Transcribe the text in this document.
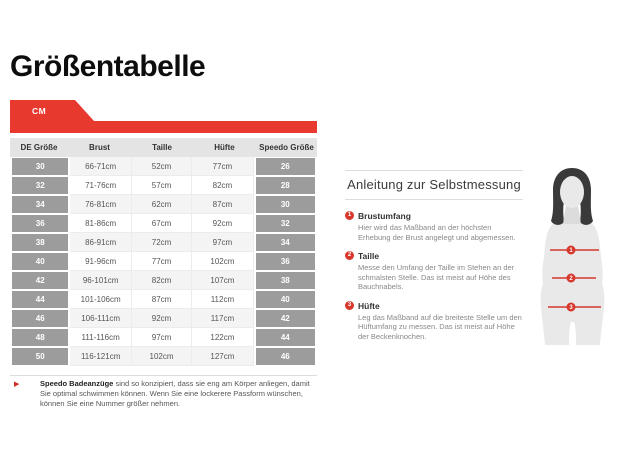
Größentabelle
CM
DE Größe	Brust	Taille	Hüfte	Speedo Größe
30	66-71cm	52cm	77cm	26
32	71-76cm	57cm	82cm	28
34	76-81cm	62cm	87cm	30
36	81-86cm	67cm	92cm	32
38	86-91cm	72cm	97cm	34
40	91-96cm	77cm	102cm	36
42	96-101cm	82cm	107cm	38
44	101-106cm	87cm	112cm	40
46	106-111cm	92cm	117cm	42
48	111-116cm	97cm	122cm	44
50	116-121cm	102cm	127cm	46
▶	Speedo Badeanzüge sind so konzipiert, dass sie eng am Körper anliegen, damit Sie optimal schwimmen können. Wenn Sie eine lockerere Passform wünschen, können Sie eine Nummer größer nehmen.

Anleitung zur Selbstmessung
1 Brustumfang

Hier wird das Maßband an der höchsten Erhebung der Brust angelegt und abgemessen.

2 Taille

Messe den Umfang der Taille im Stehen an der schmalsten Stelle. Das ist meist auf Höhe des Bauchnabels.

3 Hüfte

Leg das Maßband auf die breiteste Stelle um den Hüftumfang zu messen. Das ist meist auf Höhe der Beckenknochen.

1
2
3
